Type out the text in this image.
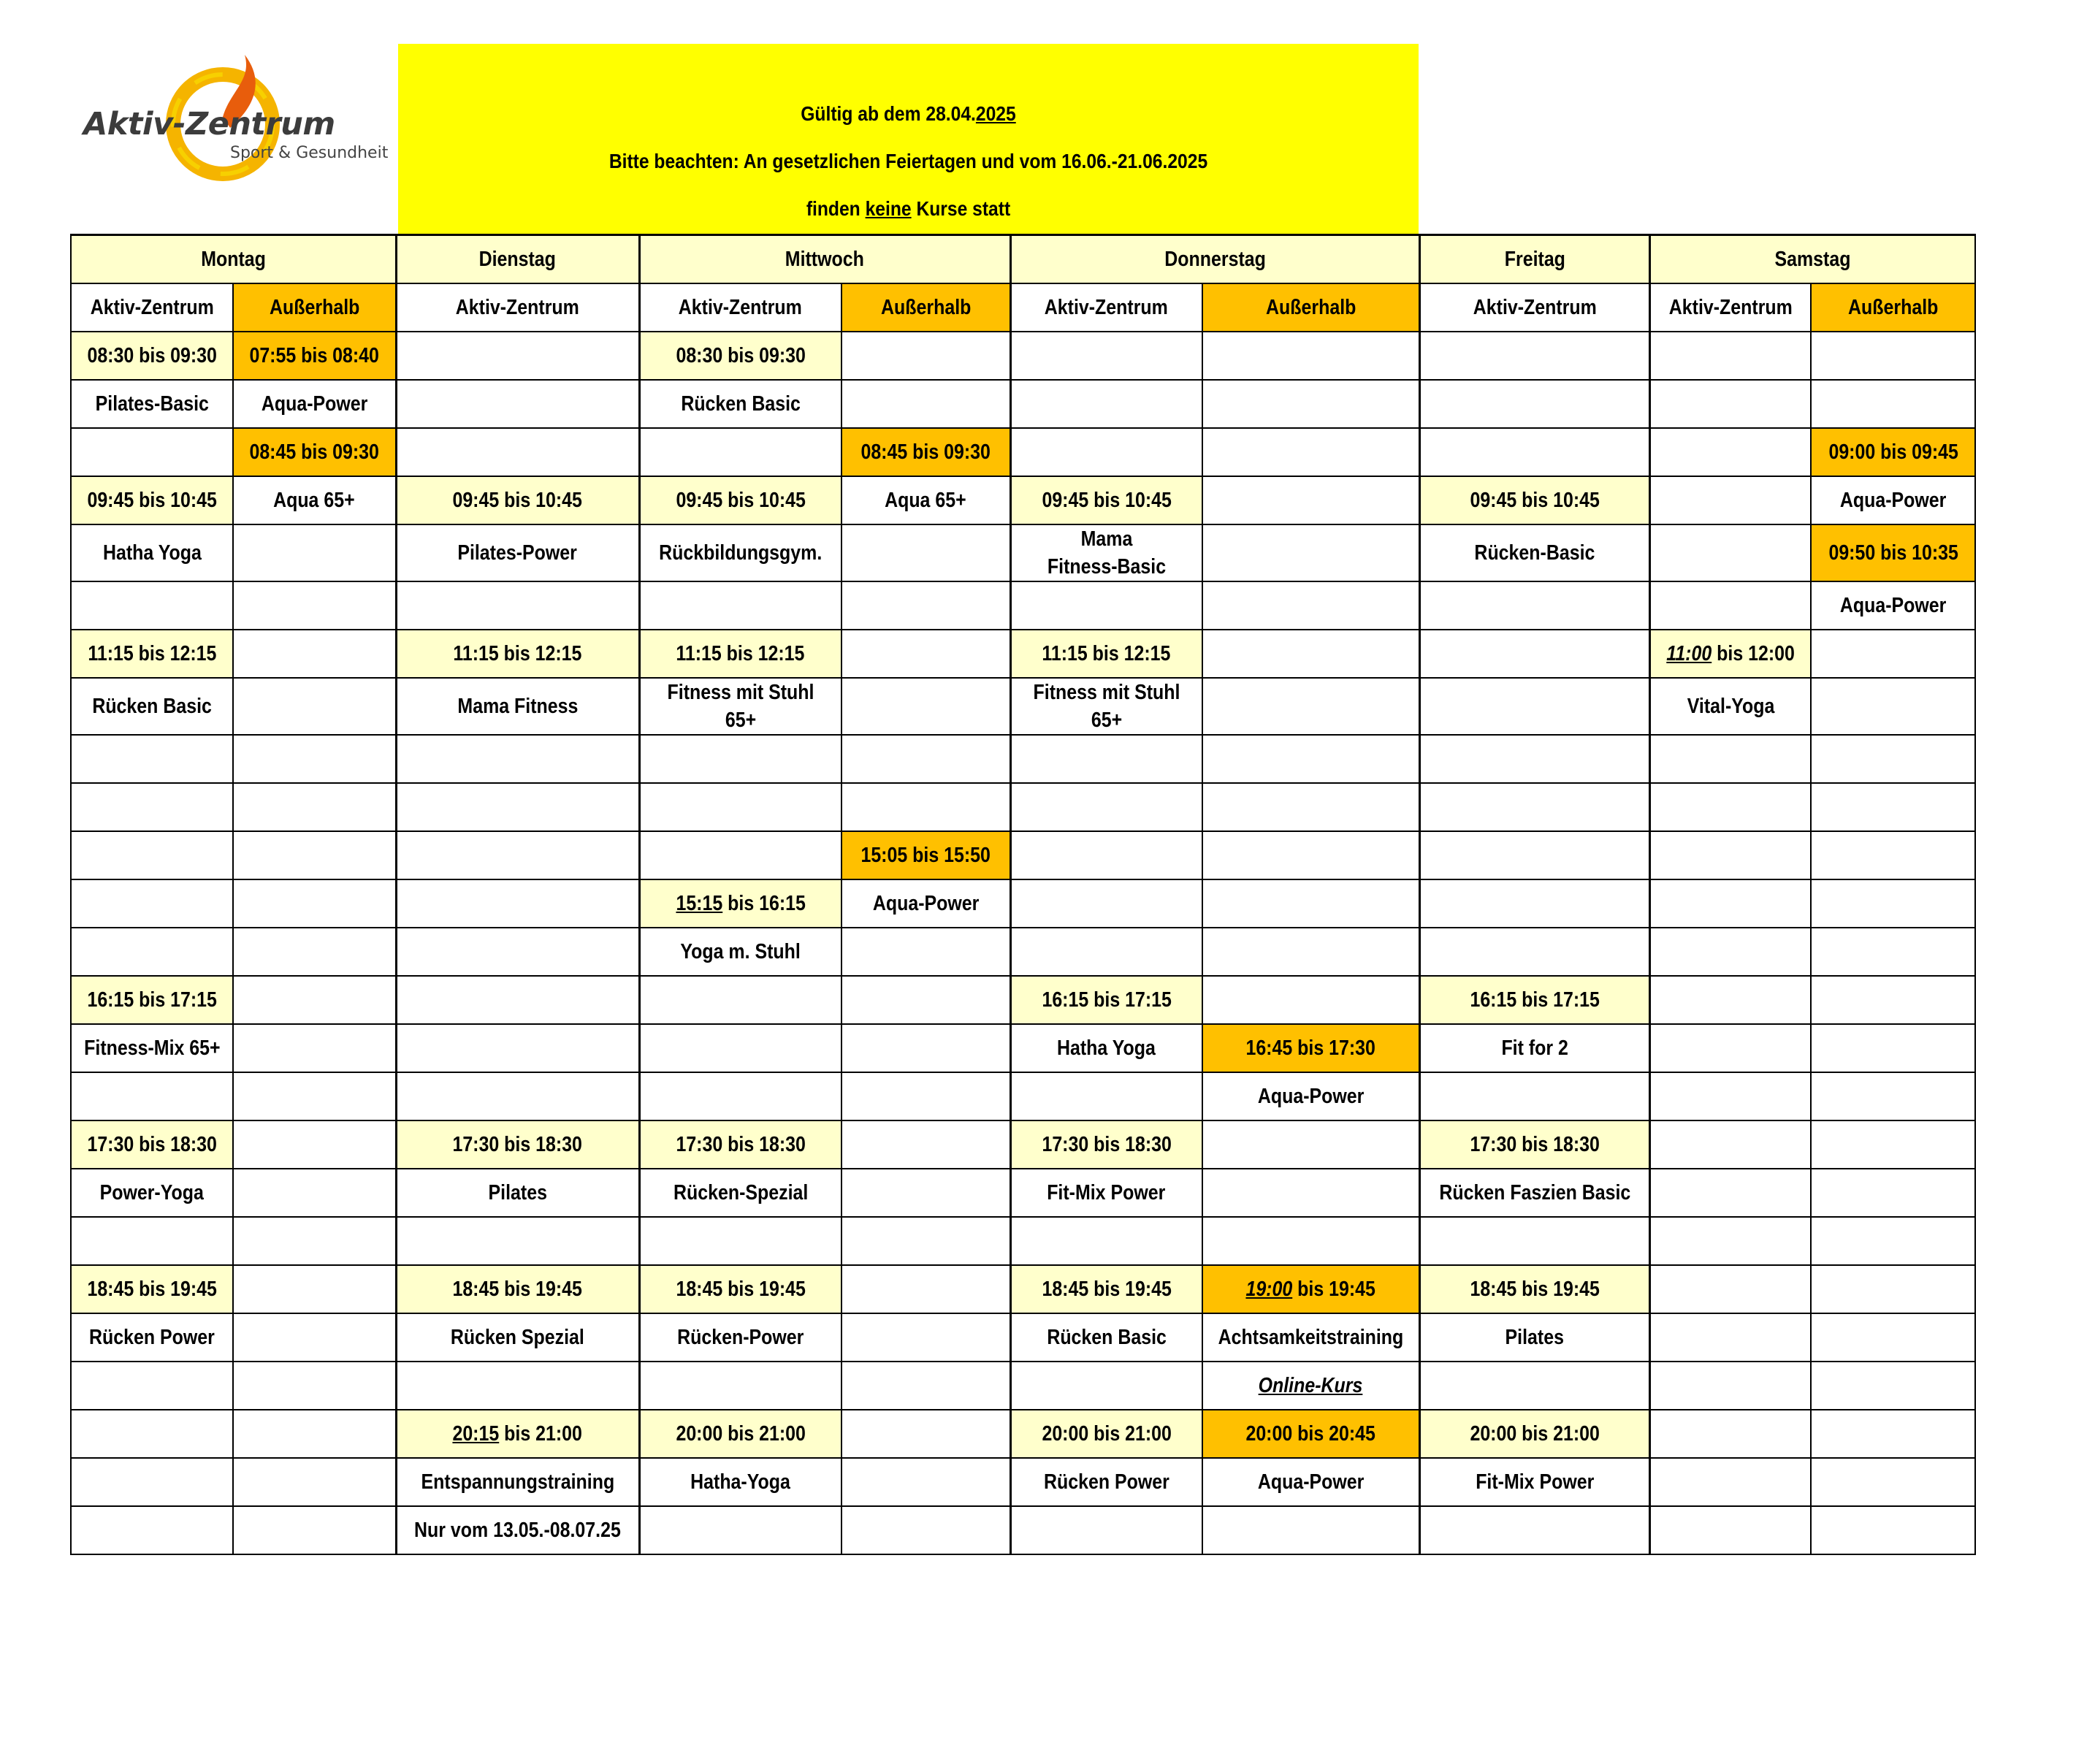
Aktiv-Zentrum
Sport & Gesundheit
Gültig ab dem 28.04.2025
Bitte beachten: An gesetzlichen Feiertagen und vom 16.06.-21.06.2025
finden keine Kurse statt
Montag		Dienstag	Mittwoch		Donnerstag		Freitag	Samstag	
Aktiv-Zentrum	Außerhalb	Aktiv-Zentrum	Aktiv-Zentrum	Außerhalb	Aktiv-Zentrum	Außerhalb	Aktiv-Zentrum	Aktiv-Zentrum	Außerhalb
08:30 bis 09:30	07:55 bis 08:40		08:30 bis 09:30						
Pilates-Basic	Aqua-Power		Rücken Basic						
	08:45 bis 09:30			08:45 bis 09:30					09:00 bis 09:45
09:45 bis 10:45	Aqua 65+	09:45 bis 10:45	09:45 bis 10:45	Aqua 65+	09:45 bis 10:45		09:45 bis 10:45		Aqua-Power
Hatha Yoga		Pilates-Power	Rückbildungsgym.		Mama Fitness-Basic		Rücken-Basic		09:50 bis 10:35
									Aqua-Power
11:15 bis 12:15		11:15 bis 12:15	11:15 bis 12:15		11:15 bis 12:15			11:00 bis 12:00	
Rücken Basic		Mama Fitness	Fitness mit Stuhl 65+		Fitness mit Stuhl 65+			Vital-Yoga	

				15:05 bis 15:50					
			15:15 bis 16:15	Aqua-Power					
			Yoga m. Stuhl						
16:15 bis 17:15					16:15 bis 17:15		16:15 bis 17:15		
Fitness-Mix 65+					Hatha Yoga	16:45 bis 17:30	Fit for 2		
						Aqua-Power			
17:30 bis 18:30		17:30 bis 18:30	17:30 bis 18:30		17:30 bis 18:30		17:30 bis 18:30		
Power-Yoga		Pilates	Rücken-Spezial		Fit-Mix Power		Rücken Faszien Basic		

18:45 bis 19:45		18:45 bis 19:45	18:45 bis 19:45		18:45 bis 19:45	19:00 bis 19:45	18:45 bis 19:45		
Rücken Power		Rücken Spezial	Rücken-Power		Rücken Basic	Achtsamkeitstraining	Pilates		
						Online-Kurs			
		20:15 bis 21:00	20:00 bis 21:00		20:00 bis 21:00	20:00 bis 20:45	20:00 bis 21:00		
		Entspannungstraining	Hatha-Yoga		Rücken Power	Aqua-Power	Fit-Mix Power		
		Nur vom 13.05.-08.07.25							
